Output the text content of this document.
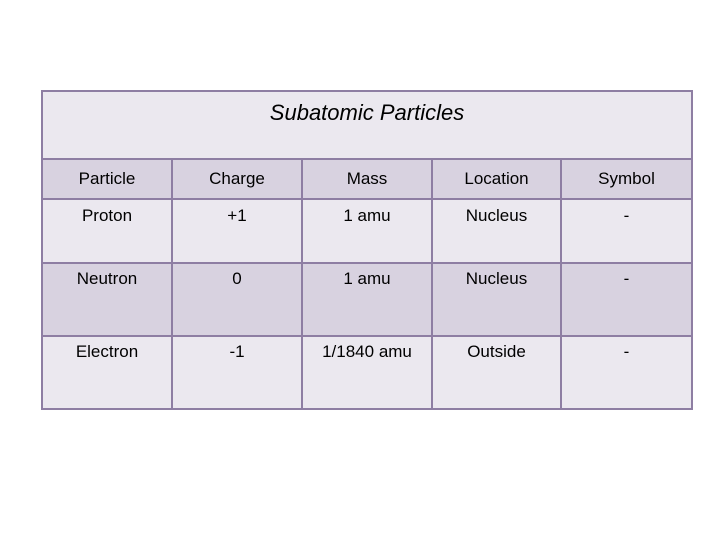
Subatomic Particles				

Particle	Charge	Mass	Location	Symbol
Proton	+1	1 amu	Nucleus	-
Neutron	0	1 amu	Nucleus	-
Electron	-1	1/1840 amu	Outside	-
